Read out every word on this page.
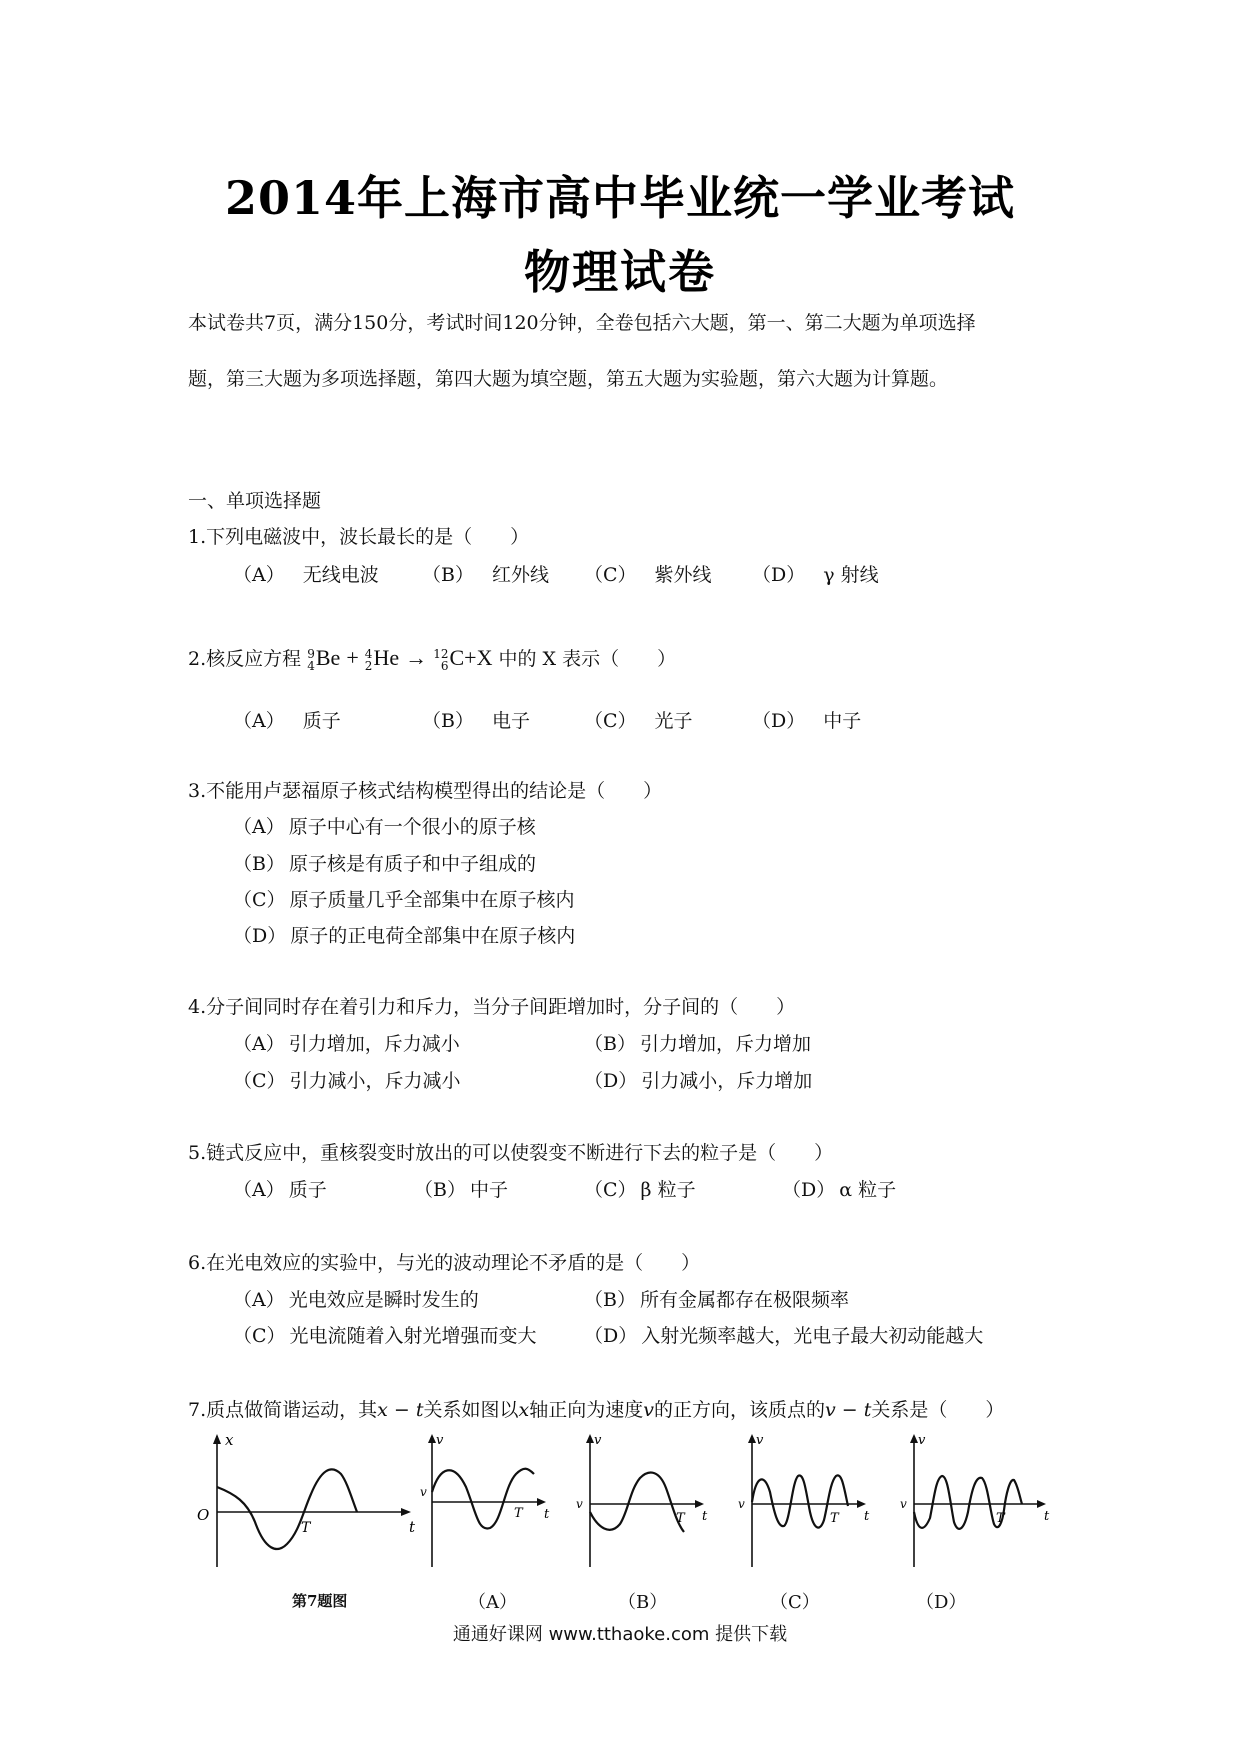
2014年上海市高中毕业统一学业考试
物理试卷
本试卷共7页，满分150分，考试时间120分钟，全卷包括六大题，第一、第二大题为单项选择
题，第三大题为多项选择题，第四大题为填空题，第五大题为实验题，第六大题为计算题。
一、单项选择题
1.下列电磁波中，波长最长的是（　　）
（A） 无线电波 （B） 红外线 （C） 紫外线 （D） γ 射线
2.核反应方程 9
4 Be + 4
2 He → 12
6 C+X 中的 X 表示（　　）
（A） 质子	（B） 电子	（C） 光子	（D） 中子
3.不能用卢瑟福原子核式结构模型得出的结论是（　　）
（A） 原子中心有一个很小的原子核
（B） 原子核是有质子和中子组成的
（C） 原子质量几乎全部集中在原子核内
（D） 原子的正电荷全部集中在原子核内
4.分子间同时存在着引力和斥力，当分子间距增加时，分子间的（　　）
（A） 引力增加，斥力减小	（B） 引力增加，斥力增加
（C） 引力减小，斥力减小	（D） 引力减小，斥力增加
5.链式反应中，重核裂变时放出的可以使裂变不断进行下去的粒子是（　　）
（A） 质子	（B） 中子	（C） β 粒子	（D） α 粒子
6.在光电效应的实验中，与光的波动理论不矛盾的是（　　）
（A） 光电效应是瞬时发生的	（B） 所有金属都存在极限频率
（C） 光电流随着入射光增强而变大 （D） 入射光频率越大，光电子最大初动能越大
7.质点做简谐运动，其x − t关系如图以x轴正向为速度v的正方向，该质点的v − t关系是（　　）
x
O
T	t
v
v
T t
v
v
T t
v
v
T t
v
v
T	t
第7题图	（A）	（B）	（C）	（D）
通通好课网 www.tthaoke.com 提供下载
